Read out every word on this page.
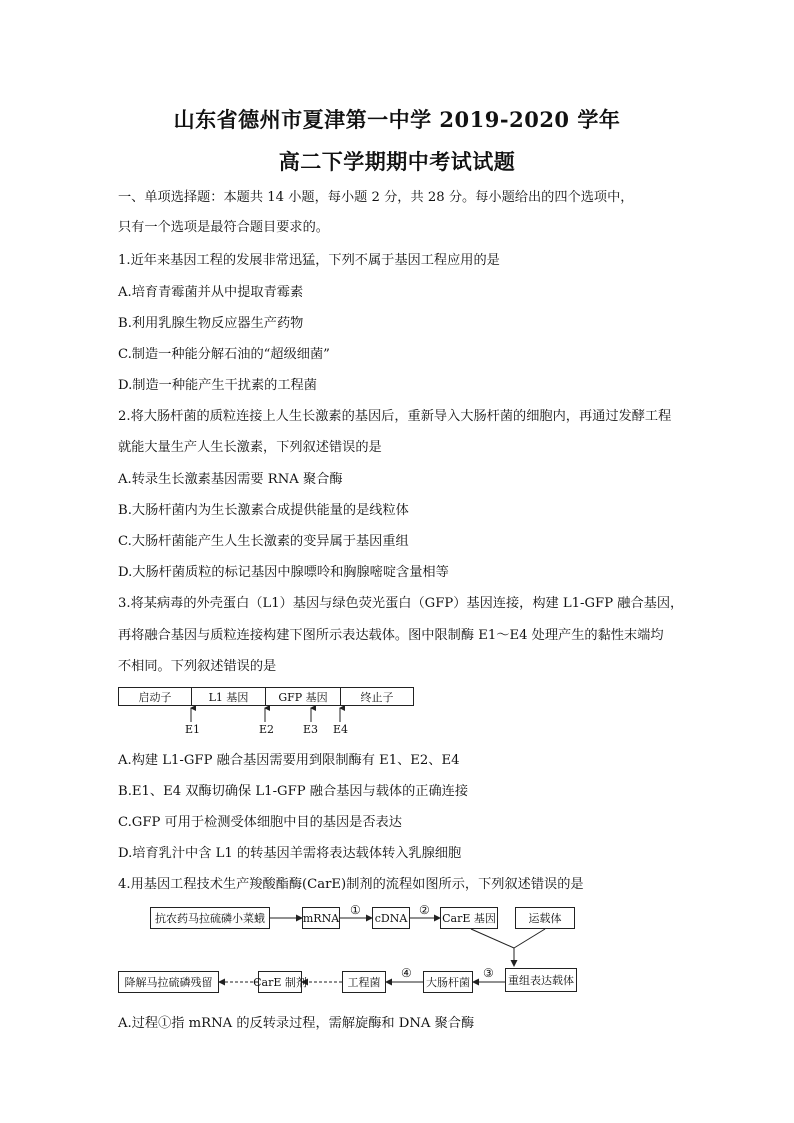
山东省德州市夏津第一中学 2019-2020 学年
高二下学期期中考试试题
一、单项选择题：本题共 14 小题，每小题 2 分，共 28 分。每小题给出的四个选项中，
只有一个选项是最符合题目要求的。
1.近年来基因工程的发展非常迅猛，下列不属于基因工程应用的是
A.培育青霉菌并从中提取青霉素
B.利用乳腺生物反应器生产药物
C.制造一种能分解石油的“超级细菌”
D.制造一种能产生干扰素的工程菌
2.将大肠杆菌的质粒连接上人生长激素的基因后，重新导入大肠杆菌的细胞内，再通过发酵工程
就能大量生产人生长激素，下列叙述错误的是
A.转录生长激素基因需要 RNA 聚合酶
B.大肠杆菌内为生长激素合成提供能量的是线粒体
C.大肠杆菌能产生人生长激素的变异属于基因重组
D.大肠杆菌质粒的标记基因中腺嘌呤和胸腺嘧啶含量相等
3.将某病毒的外壳蛋白（L1）基因与绿色荧光蛋白（GFP）基因连接，构建 L1-GFP 融合基因，
再将融合基因与质粒连接构建下图所示表达载体。图中限制酶 E1～E4 处理产生的黏性末端均
不相同。下列叙述错误的是
启动子	L1 基因	GFP 基因	终止子
E1	E2	E3 E4
A.构建 L1-GFP 融合基因需要用到限制酶有 E1、E2、E4
B.E1、E4 双酶切确保 L1-GFP 融合基因与载体的正确连接
C.GFP 可用于检测受体细胞中目的基因是否表达
D.培育乳汁中含 L1 的转基因羊需将表达载体转入乳腺细胞
4.用基因工程技术生产羧酸酯酶(CarE)制剂的流程如图所示，下列叙述错误的是
抗农药马拉硫磷小菜蛾	mRNA	cDNA	CarE 基因	运载体
重组表达载体
大肠杆菌
工程菌
CarE 制剂
降解马拉硫磷残留
①	②
③
④
A.过程①指 mRNA 的反转录过程，需解旋酶和 DNA 聚合酶
